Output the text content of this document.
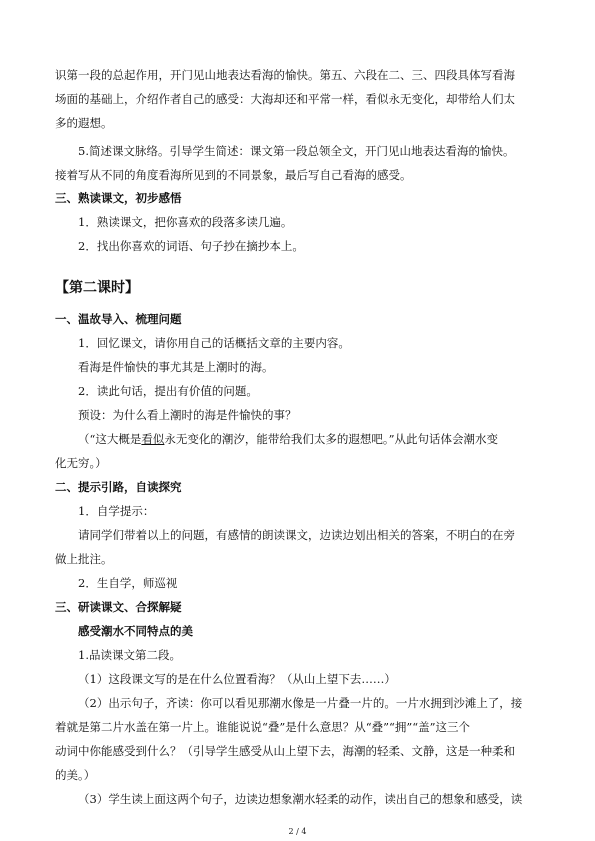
识第一段的总起作用，开门见山地表达看海的愉快。第五、六段在二、三、四段具体写看海

场面的基础上，介绍作者自己的感受：大海却还和平常一样，看似永无变化，却带给人们太

多的遐想。

5.简述课文脉络。引导学生简述：课文第一段总领全文，开门见山地表达看海的愉快。

接着写从不同的角度看海所见到的不同景象，最后写自己看海的感受。

三、熟读课文，初步感悟

1．熟读课文，把你喜欢的段落多读几遍。

2．找出你喜欢的词语、句子抄在摘抄本上。

【第二课时】

一、温故导入、梳理问题

1．回忆课文，请你用自己的话概括文章的主要内容。

看海是件愉快的事尤其是上潮时的海。

2．读此句话，提出有价值的问题。

预设：为什么看上潮时的海是件愉快的事？

（“这大概是看似永无变化的潮汐，能带给我们太多的遐想吧。”从此句话体会潮水变

化无穷。）

二、提示引路，自读探究

1．自学提示：

请同学们带着以上的问题，有感情的朗读课文，边读边划出相关的答案，不明白的在旁

做上批注。

2．生自学，师巡视

三、研读课文、合探解疑

感受潮水不同特点的美

1.品读课文第二段。

（1）这段课文写的是在什么位置看海？（从山上望下去……）

（2）出示句子，齐读：你可以看见那潮水像是一片叠一片的。一片水拥到沙滩上了，接

着就是第二片水盖在第一片上。谁能说说“叠”是什么意思？从“叠”“拥”“盖”这三个

动词中你能感受到什么？（引导学生感受从山上望下去，海潮的轻柔、文静，这是一种柔和

的美。）

（3）学生读上面这两个句子，边读边想象潮水轻柔的动作，读出自己的想象和感受，读

2 / 4
